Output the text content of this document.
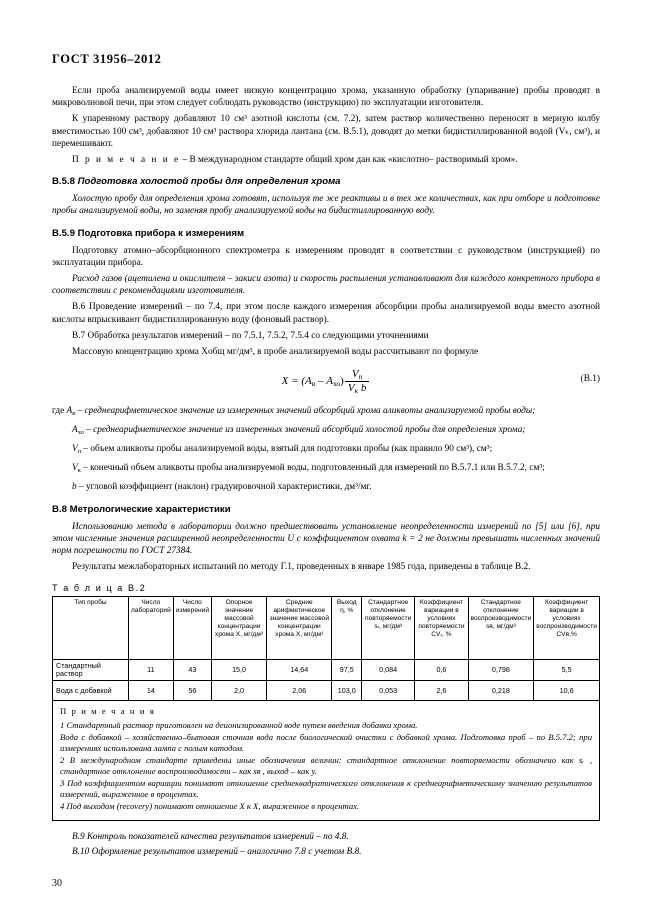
ГОСТ 31956–2012

Если проба анализируемой воды имеет низкую концентрацию хрома, указанную обработку (упаривание) пробы проводят в микроволновой печи, при этом следует соблюдать руководство (инструкцию) по эксплуатации изготовителя.

К упаренному раствору добавляют 10 см³ азотной кислоты (см. 7.2), затем раствор количественно переносят в мерную колбу вместимостью 100 см³, добавляют 10 см³ раствора хлорида лантана (см. В.5.1), доводят до метки бидистиллированной водой (Vₖ, см³), и перемешивают.

П р и м е ч а н и е – В международном стандарте общий хром дан как «кислотно– растворимый хром».

В.5.8 Подготовка холостой пробы для определения хрома

Холостую пробу для определения хрома готовят, используя те же реактивы и в тех же количествах, как при отборе и подготовке пробы анализируемой воды, но заменяя пробу анализируемой воды на бидистиллированную воду.

В.5.9 Подготовка прибора к измерениям

Подготовку атомно–абсорбционного спектрометра к измерениям проводят в соответствии с руководством (инструкцией) по эксплуатации прибора.

Расход газов (ацетилена и окислителя – закиси азота) и скорость распыления устанавливают для каждого конкретного прибора в соответствии с рекомендациями изготовителя.

В.6 Проведение измерений – по 7.4, при этом после каждого измерения абсорбции пробы анализируемой воды вместо азотной кислоты впрыскивают бидистиллированную воду (фоновый раствор).

В.7 Обработка результатов измерений – по 7.5.1, 7.5.2, 7.5.4 со следующими уточнениями

Массовую концентрацию хрома Xобщ мг/дм³, в пробе анализируемой воды рассчитывают по формуле

$X = (A_в - A_{хо}) \frac{V_п}{V_к b}$	(В.1)

где $A_в$ – среднеарифметическое значение из измеренных значений абсорбций хрома аликвоты анализируемой пробы воды;

$A_{хо}$ – среднеарифметическое значение из измеренных значений абсорбций холостой пробы для определения хрома;

$V_п$ – объем аликвоты пробы анализируемой воды, взятый для подготовки пробы (как правило 90 см³), см³;

$V_к$ – конечный объем аликвоты пробы анализируемой воды, подготовленный для измерений по В.5.7.1 или В.5.7.2, см³;

b – угловой коэффициент (наклон) градуировочной характеристики, дм³/мг.

В.8 Метрологические характеристики

Использованию метода в лаборатории должно предшествовать установление неопределенности измерений по [5] или [6], при этом численные значения расширенной неопределенности U с коэффициентом охвата k = 2 не должны превышать численных значений норм погрешности по ГОСТ 27384.

Результаты межлабораторных испытаний по методу Г.1, проведенных в январе 1985 года, приведены в таблице В.2.

Т а б л и ц а В.2
Тип пробы	Число лабораторий	Число измерений	Опорное значение массовой концентрации хрома X, мг/дм³	Средние арифметическое значение массовой концентрации хрома X, мг/дм³	Выход η, %	Стандартное отклонение повторяемости sᵣ, мг/дм³	Коэффициент вариации в условиях повторяемости CVᵣ, %	Стандартное отклонение воспроизводимости sʀ, мг/дм³	Коэффициент вариации в условиях воспроизводимости CVʀ,%
Стандартный раствор	11	43	15,0	14,64	97,5	0,084	0,6	0,798	5,5
Вода с добавкой	14	56	2,0	2,06	103,0	0,053	2,6	0,218	10,6
П р и м е ч а н и я

1 Стандартный раствор приготовлен на деионизированной воде путем введения добавки хрома.

Вода с добавкой – хозяйственно–бытовая сточная вода после биологической очистки с добавкой хрома. Подготовка проб – по В.5.7.2; при измерениях использована лампа с полым катодом.

2 В международном стандарте приведены иные обозначения величин: стандартное отклонение повторяемости обозначено как sᵣ , стандартное отклонение воспроизводимости – как sʀ , выход – как y.

3 Под коэффициентом вариации понимают отношение среднеквадратического отклонения к среднеарифметическому значению результатов измерений, выраженное в процентах.

4 Под выходом (recovery) понимают отношение X к X, выраженное в процентах.

В.9 Контроль показателей качества результатов измерений – по 4.8.

В.10 Оформление результатов измерений – аналогично 7.8 с учетом В.8.

30
